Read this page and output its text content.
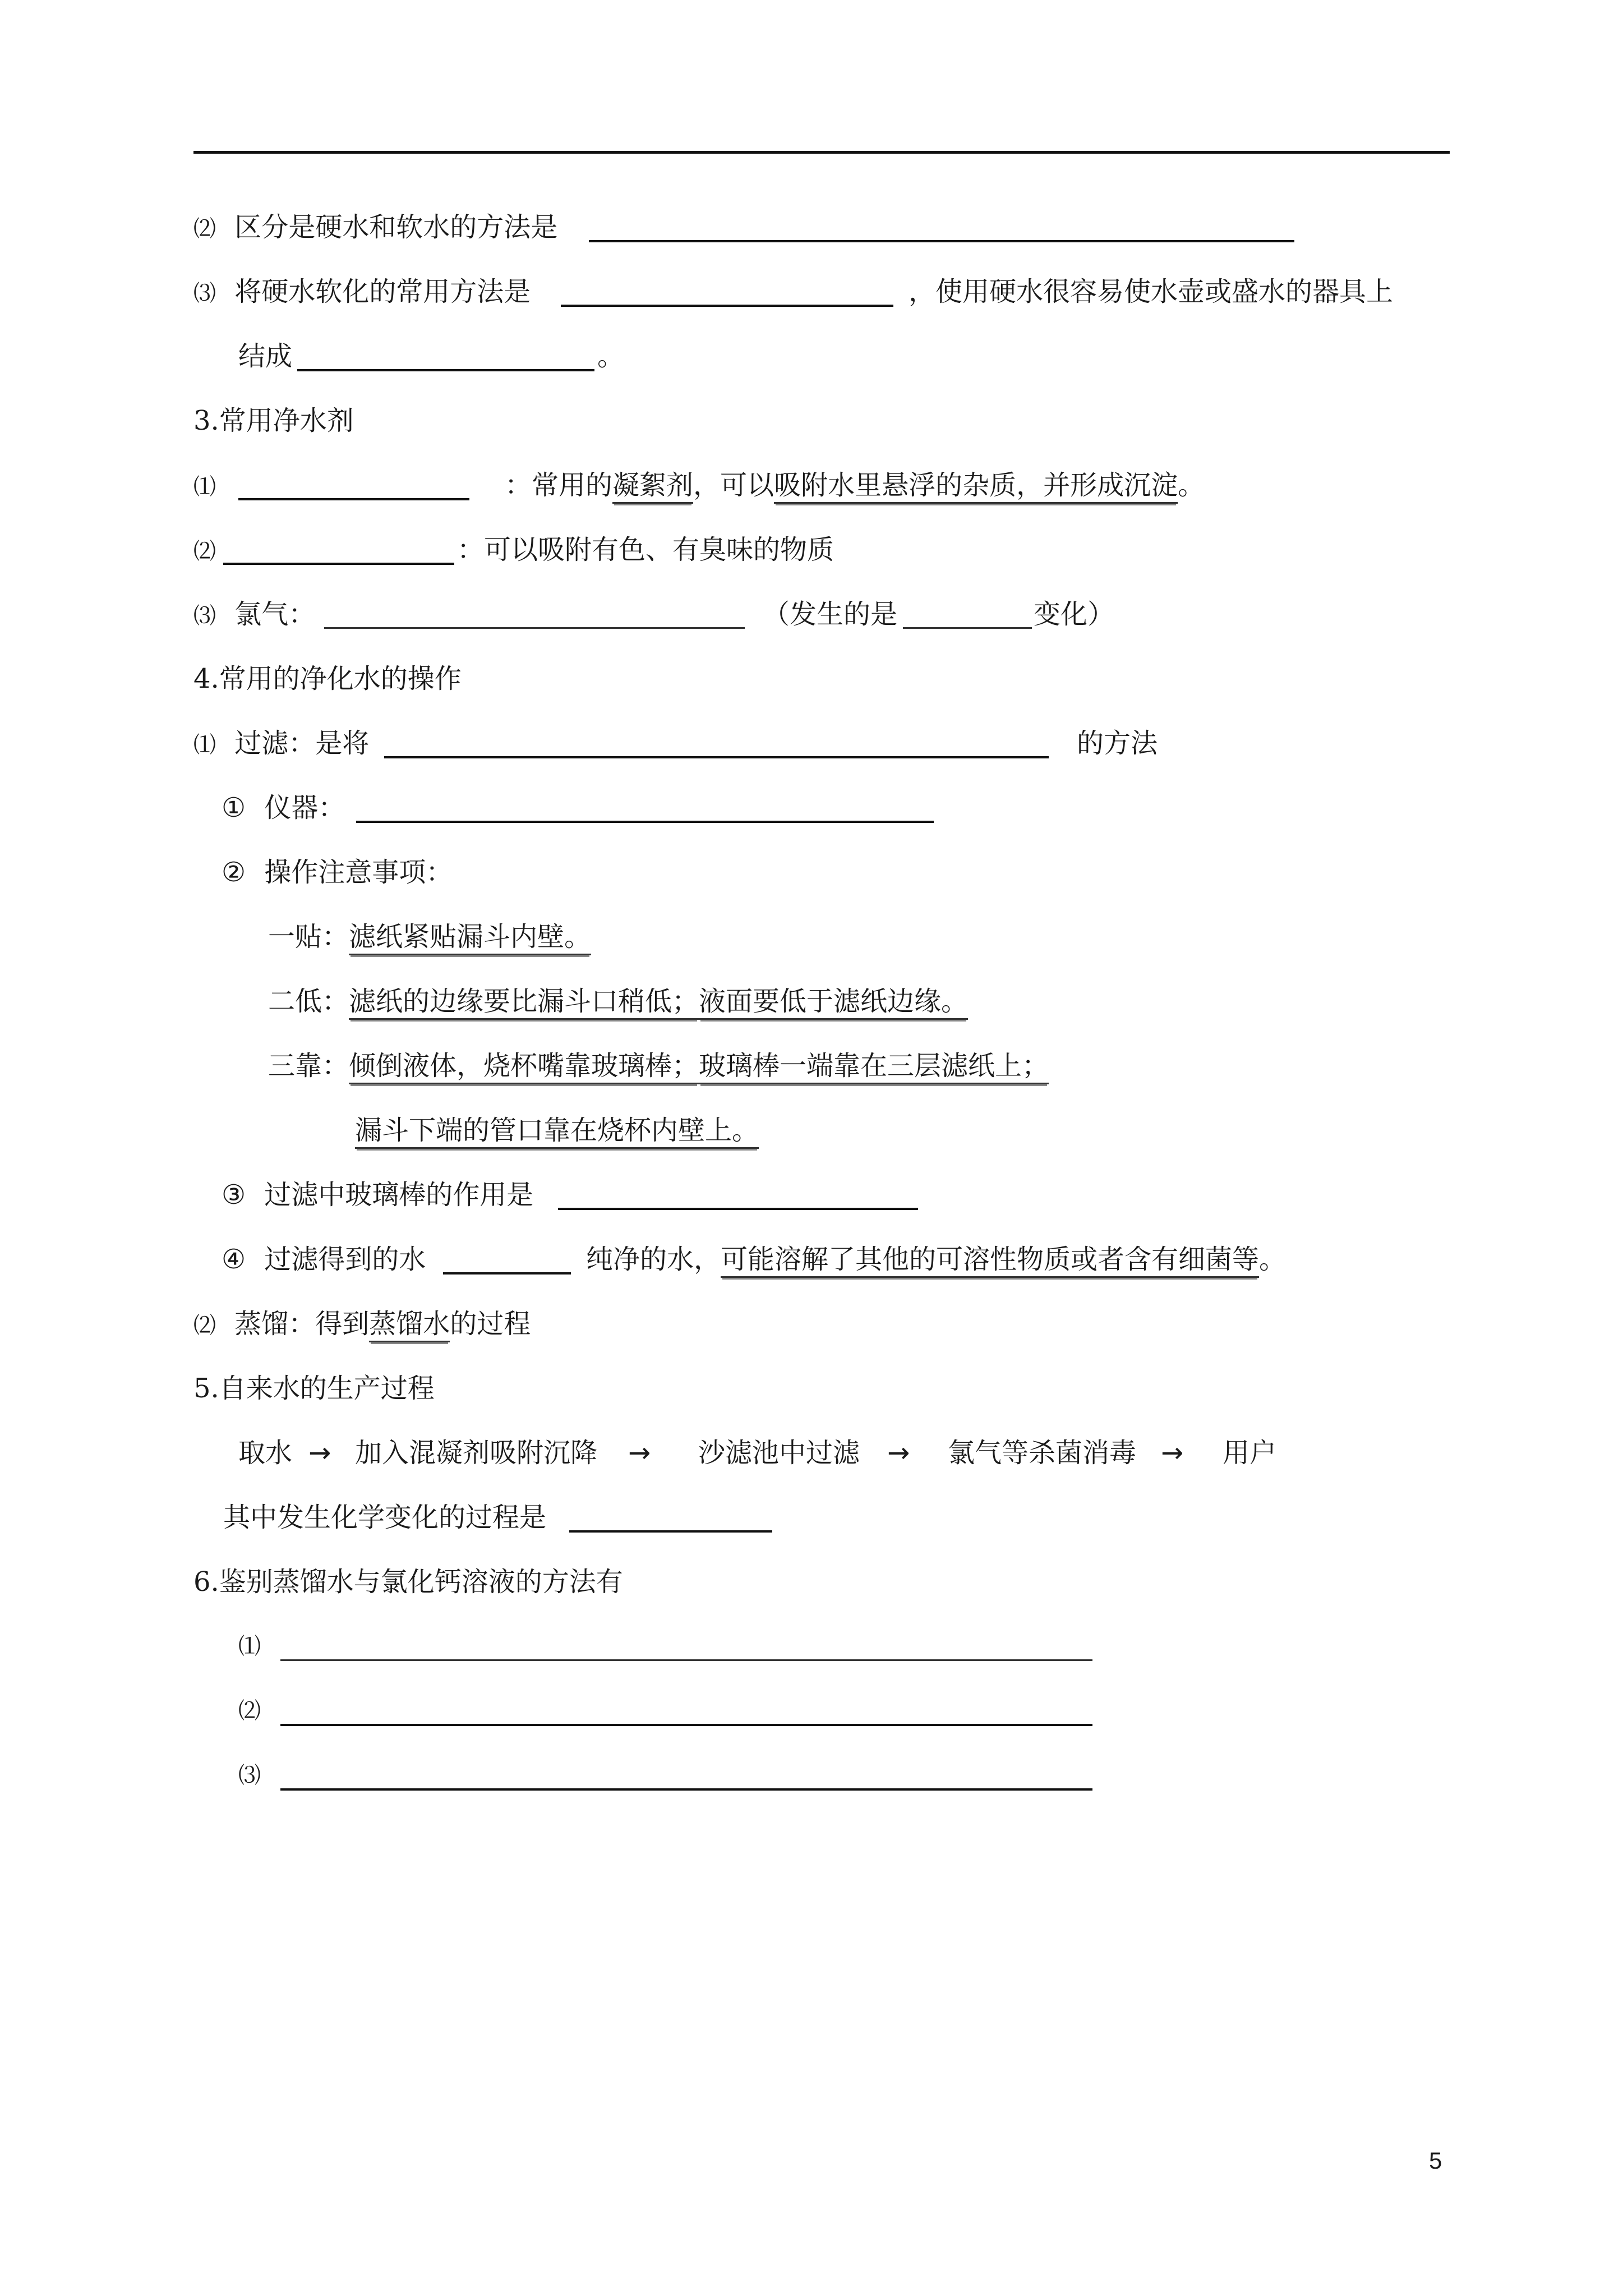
⑵ 区分是硬水和软水的方法是
⑶ 将硬水软化的常用方法是	，使用硬水很容易使水壶或盛水的器具上
结成	。
3.常用净水剂
⑴	：常用的凝絮剂，可以吸附水里悬浮的杂质，并形成沉淀。
⑵	：可以吸附有色、有臭味的物质
⑶ 氯气：	（发生的是	变化）
4.常用的净化水的操作
⑴ 过滤：是将	的方法
① 仪器：
② 操作注意事项：
一贴：滤纸紧贴漏斗内壁。
二低：滤纸的边缘要比漏斗口稍低；液面要低于滤纸边缘。
三靠：倾倒液体，烧杯嘴靠玻璃棒；玻璃棒一端靠在三层滤纸上；
漏斗下端的管口靠在烧杯内壁上。
③ 过滤中玻璃棒的作用是
④ 过滤得到的水	纯净的水，可能溶解了其他的可溶性物质或者含有细菌等。
⑵ 蒸馏：得到蒸馏水的过程
5.自来水的生产过程
取水 → 加入混凝剂吸附沉降 → 沙滤池中过滤 → 氯气等杀菌消毒 → 用户
其中发生化学变化的过程是
6.鉴别蒸馏水与氯化钙溶液的方法有
⑴
⑵
⑶
5
